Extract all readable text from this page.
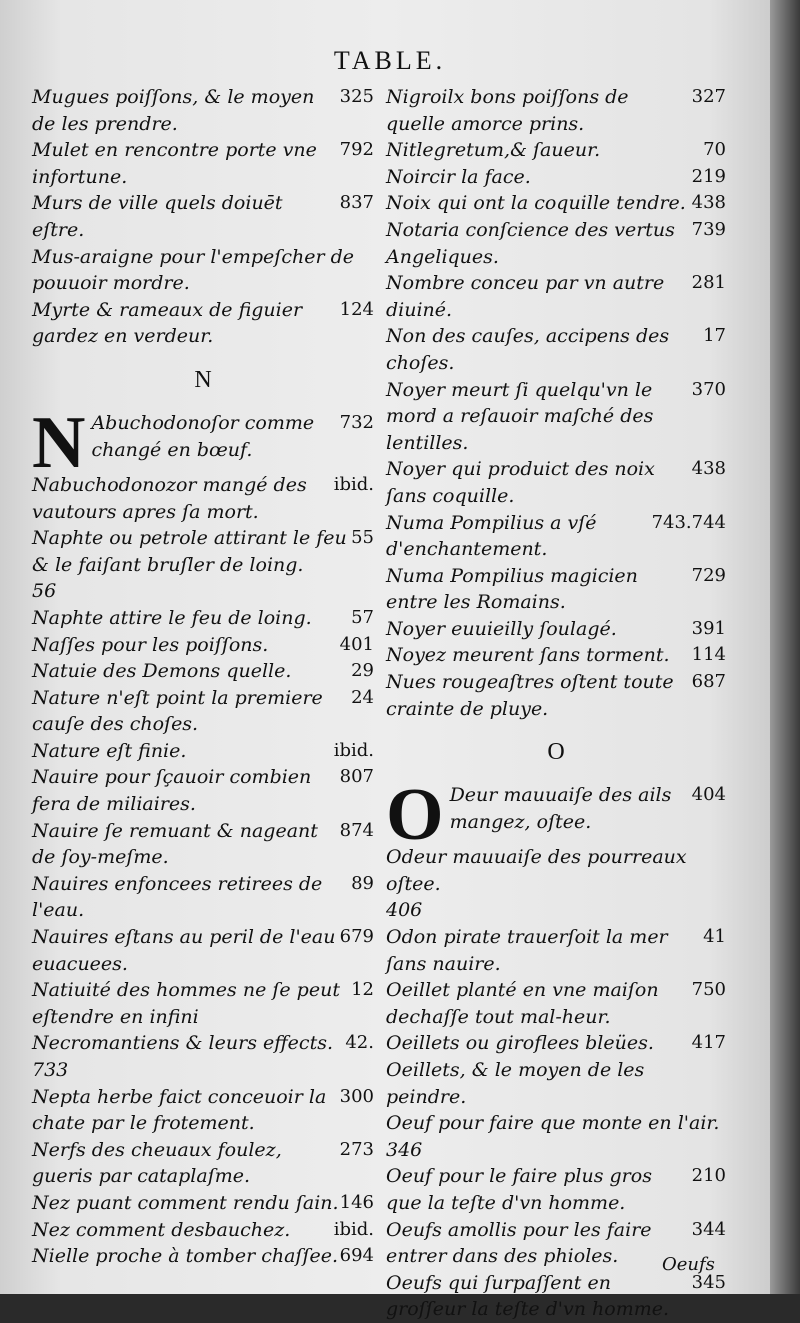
TABLE.
325
Mugues poiſſons, & le moyen de les prendre.
792
Mulet en rencontre porte vne infortune.
837
Murs de ville quels doiuēt eſtre.
Mus-araigne pour l'empeſcher de pouuoir mordre.
124
Myrte & rameaux de figuier gardez en verdeur.
N
N	732
Abuchodonoſor comme changé en bœuf.
ibid.
Nabuchodonozor mangé des vautours apres ſa mort.
55
Naphte ou petrole attirant le feu & le faiſant bruſler de loing.
56
57
Naphte attire le feu de loing.
401
Naſſes pour les poiſſons.
29
Natuie des Demons quelle.
24
Nature n'eſt point la premiere cauſe des choſes.
ibid.
Nature eſt finie.
807
Nauire pour ſçauoir combien fera de miliaires.
874
Nauire ſe remuant & nageant de ſoy-meſme.
89
Nauires enfoncees retirees de l'eau.
679
Nauires eſtans au peril de l'eau euacuees.
12
Natiuité des hommes ne ſe peut eſtendre en infini
42.
Necromantiens & leurs effects.
733
300
Nepta herbe faict conceuoir la chate par le frotement.
273
Nerfs des cheuaux foulez, gueris par cataplaſme.
146
Nez puant comment rendu ſain.
ibid.
Nez comment desbauchez.
694
Nielle proche à tomber chaſſee.
327
Nigroilx bons poiſſons de quelle amorce prins.
70
Nitlegretum,& ſaueur.
219
Noircir la face.
438
Noix qui ont la coquille tendre.
739
Notaria conſcience des vertus Angeliques.
281
Nombre conceu par vn autre diuiné.
17
Non des cauſes, accipens des choſes.
370
Noyer meurt ſi quelqu'vn le mord a reſauoir maſché des lentilles.
438
Noyer qui produict des noix ſans coquille.
743.744
Numa Pompilius a vſé d'enchantement.
729
Numa Pompilius magicien entre les Romains.
391
Noyer euuieilly ſoulagé.
114
Noyez meurent ſans torment.
687
Nues rougeaſtres oſtent toute crainte de pluye.
O
O	404
Deur mauuaiſe des ails mangez, oſtee.
Odeur mauuaiſe des pourreaux oſtee.
406
41
Odon pirate trauerſoit la mer ſans nauire.
750
Oeillet planté en vne maiſon dechaſſe tout mal-heur.
417
Oeillets ou giroflees bleües.
Oeillets, & le moyen de les peindre.
Oeuf pour faire que monte en l'air.
346
210
Oeuf pour le faire plus gros que la teſte d'vn homme.
344
Oeufs amollis pour les faire entrer dans des phioles.
345
Oeufs qui ſurpaſſent en groſſeur la teſte d'vn homme.
Oeufs
